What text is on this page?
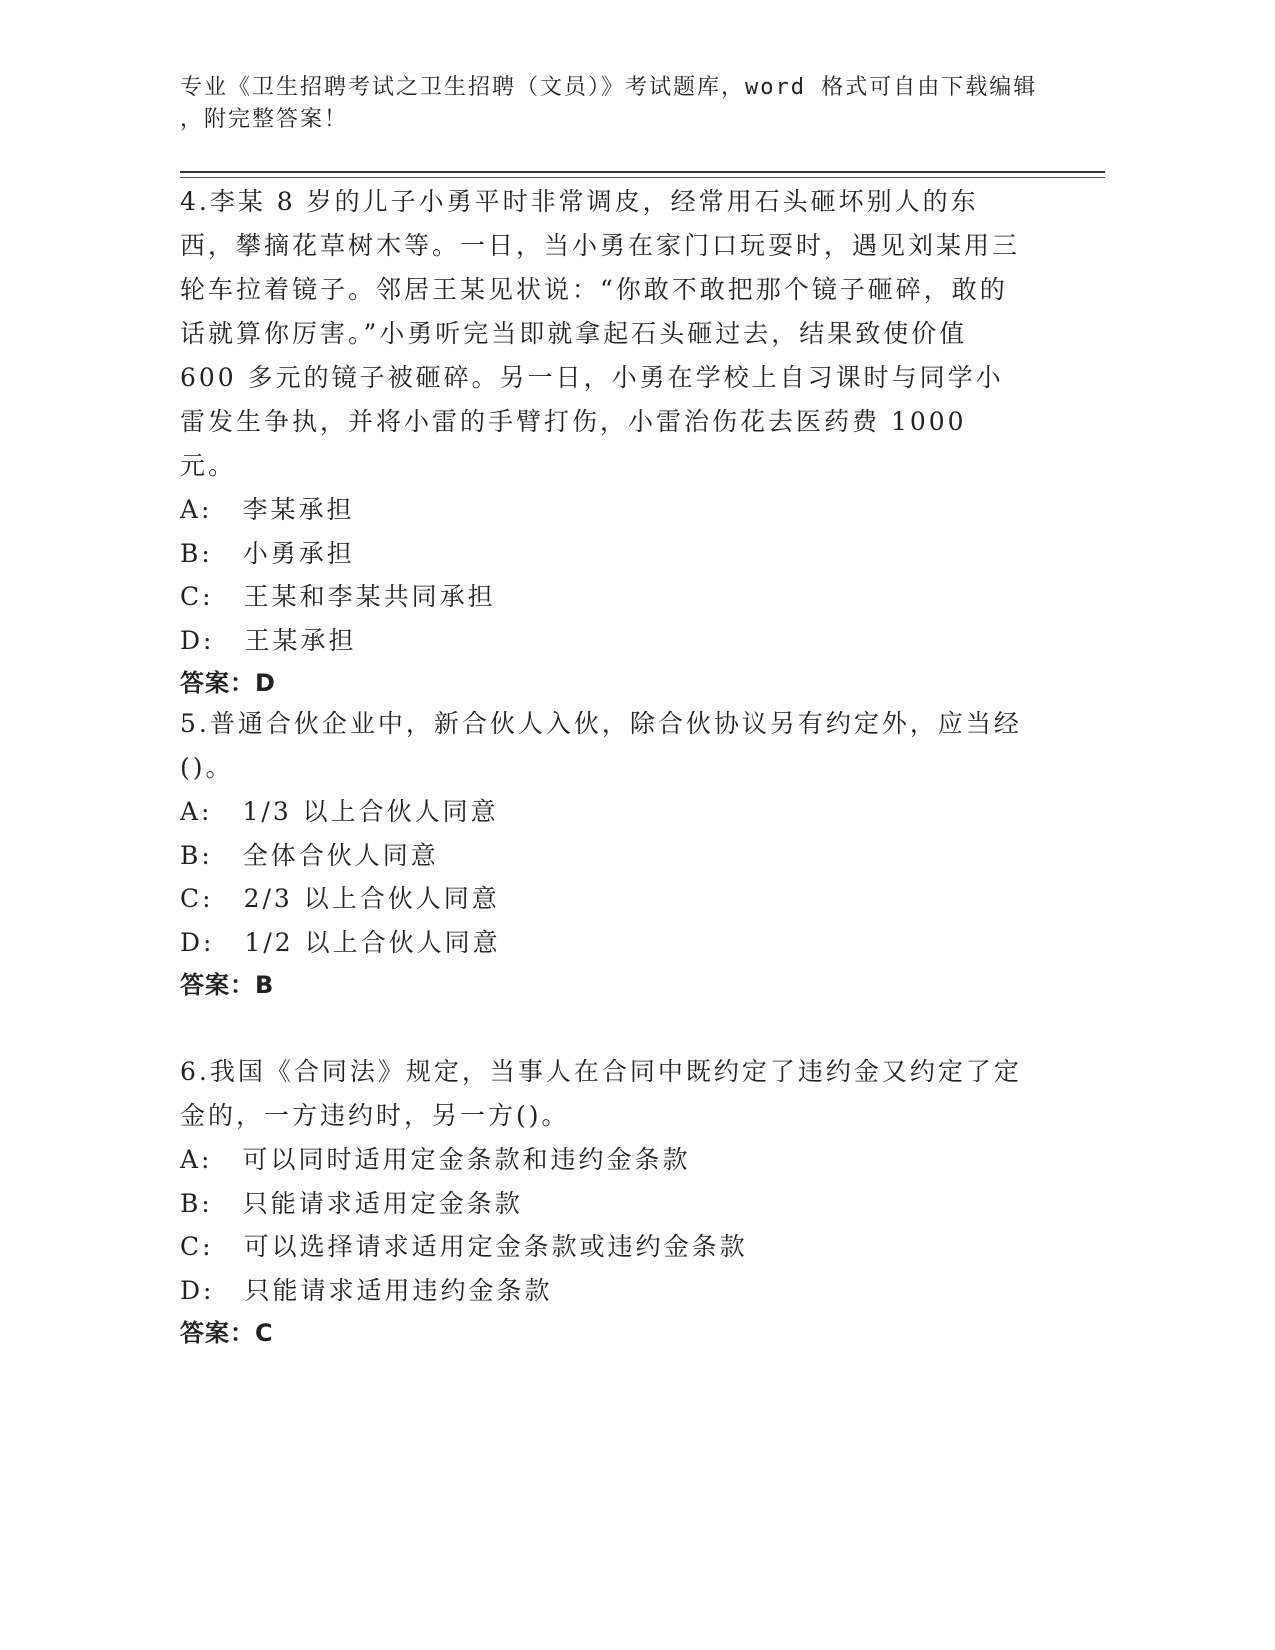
专业《卫生招聘考试之卫生招聘（文员）》考试题库，word 格式可自由下载编辑
，附完整答案！

4.李某 8 岁的儿子小勇平时非常调皮，经常用石头砸坏别人的东西，攀摘花草树木等。一日，当小勇在家门口玩耍时，遇见刘某用三轮车拉着镜子。邻居王某见状说：“你敢不敢把那个镜子砸碎，敢的话就算你厉害。”小勇听完当即就拿起石头砸过去，结果致使价值 600 多元的镜子被砸碎。另一日，小勇在学校上自习课时与同学小雷发生争执，并将小雷的手臂打伤，小雷治伤花去医药费 1000 元。

A: 李某承担

B: 小勇承担

C: 王某和李某共同承担

D: 王某承担

答案：D

5.普通合伙企业中，新合伙人入伙，除合伙协议另有约定外，应当经()。

A: 1/3 以上合伙人同意

B: 全体合伙人同意

C: 2/3 以上合伙人同意

D: 1/2 以上合伙人同意

答案：B

6.我国《合同法》规定，当事人在合同中既约定了违约金又约定了定金的，一方违约时，另一方()。

A: 可以同时适用定金条款和违约金条款

B: 只能请求适用定金条款

C: 可以选择请求适用定金条款或违约金条款

D: 只能请求适用违约金条款

答案：C
